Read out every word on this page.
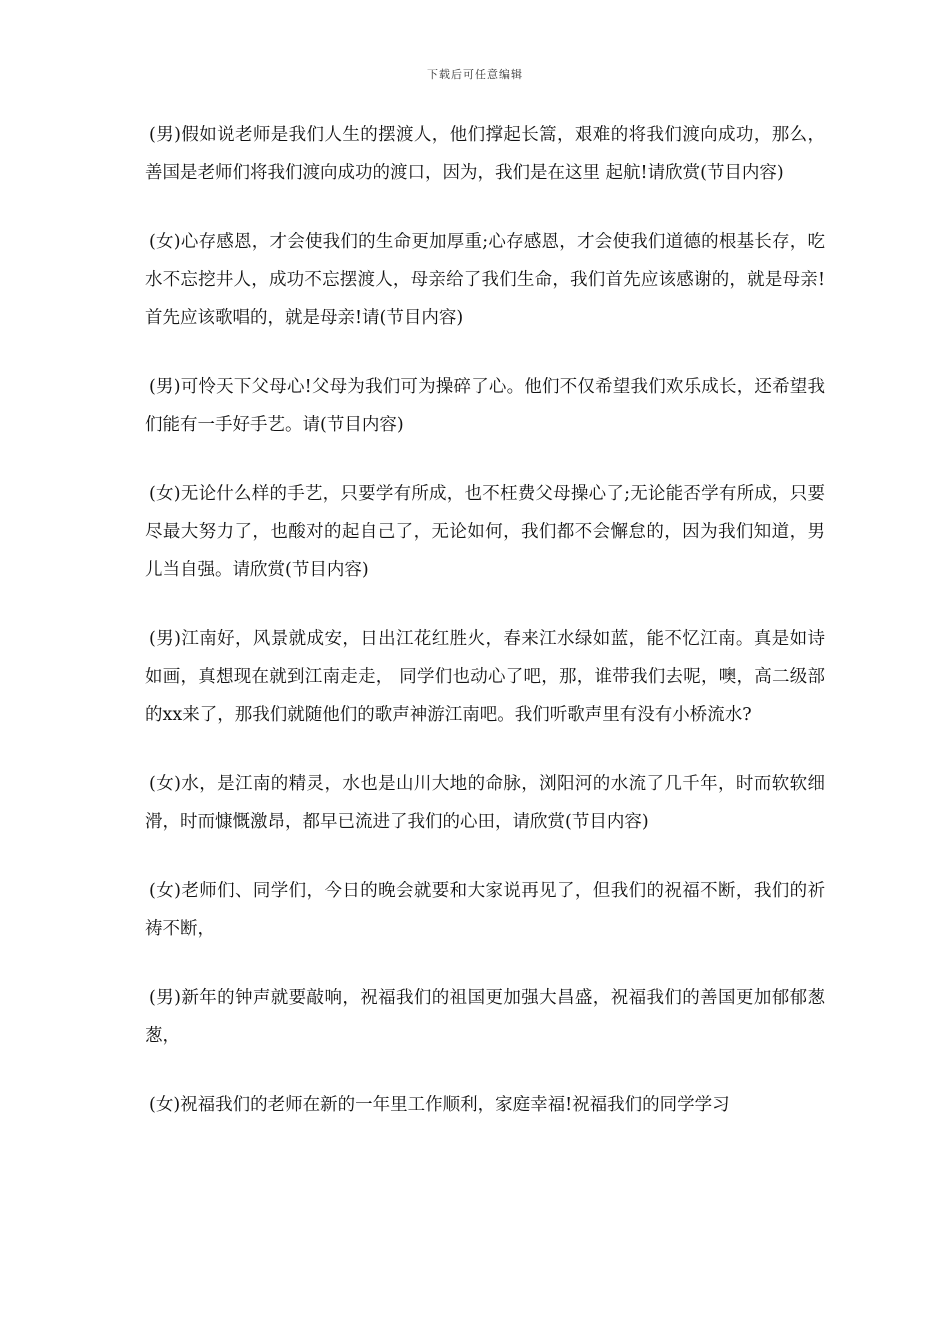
下载后可任意编辑

(男)假如说老师是我们人生的摆渡人，他们撑起长篙，艰难的将我们渡向成功，那么，善国是老师们将我们渡向成功的渡口，因为，我们是在这里 起航!请欣赏(节目内容)

(女)心存感恩，才会使我们的生命更加厚重;心存感恩，才会使我们道德的根基长存，吃水不忘挖井人，成功不忘摆渡人，母亲给了我们生命，我们首先应该感谢的，就是母亲!首先应该歌唱的，就是母亲!请(节目内容)

(男)可怜天下父母心!父母为我们可为操碎了心。他们不仅希望我们欢乐成长，还希望我们能有一手好手艺。请(节目内容)

(女)无论什么样的手艺，只要学有所成，也不枉费父母操心了;无论能否学有所成，只要尽最大努力了，也酸对的起自己了，无论如何，我们都不会懈怠的，因为我们知道，男儿当自强。请欣赏(节目内容)

(男)江南好，风景就成安，日出江花红胜火，春来江水绿如蓝，能不忆江南。真是如诗如画，真想现在就到江南走走， 同学们也动心了吧，那，谁带我们去呢，噢，高二级部的xx来了，那我们就随他们的歌声神游江南吧。我们听歌声里有没有小桥流水?

(女)水，是江南的精灵，水也是山川大地的命脉，浏阳河的水流了几千年，时而软软细滑，时而慷慨激昂，都早已流进了我们的心田，请欣赏(节目内容)

(女)老师们、同学们，今日的晚会就要和大家说再见了，但我们的祝福不断，我们的祈祷不断，

(男)新年的钟声就要敲响，祝福我们的祖国更加强大昌盛，祝福我们的善国更加郁郁葱葱，

(女)祝福我们的老师在新的一年里工作顺利，家庭幸福!祝福我们的同学学习
